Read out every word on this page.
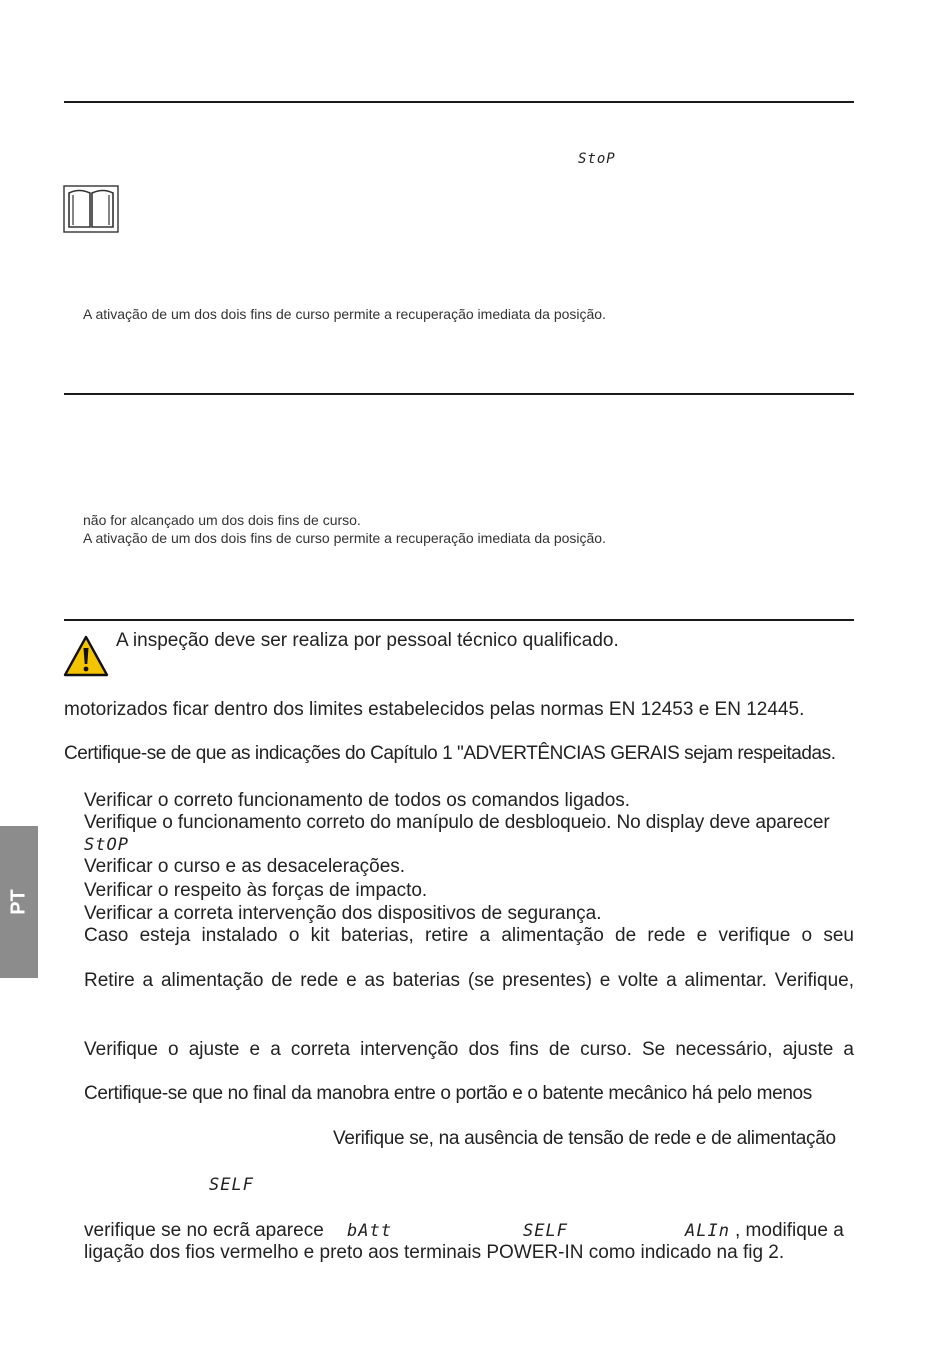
StoP
A ativação de um dos dois fins de curso permite a recuperação imediata da posição.
não for alcançado um dos dois fins de curso.
A ativação de um dos dois fins de curso permite a recuperação imediata da posição.
A inspeção deve ser realiza por pessoal técnico qualificado.
motorizados ficar dentro dos limites estabelecidos pelas normas EN 12453 e EN 12445.
Certifique-se de que as indicações do Capítulo 1 "ADVERTÊNCIAS GERAIS sejam respeitadas.
Verificar o correto funcionamento de todos os comandos ligados.
Verifique o funcionamento correto do manípulo de desbloqueio. No display deve aparecer
StOP
Verificar o curso e as desacelerações.
Verificar o respeito às forças de impacto.
Verificar a correta intervenção dos dispositivos de segurança.
Caso esteja instalado o kit baterias, retire a alimentação de rede e verifique o seu
Retire a alimentação de rede e as baterias (se presentes) e volte a alimentar. Verifique,
Verifique o ajuste e a correta intervenção dos fins de curso. Se necessário, ajuste a
Certifique-se que no final da manobra entre o portão e o batente mecânico há pelo menos
Verifique se, na ausência de tensão de rede e de alimentação
SELF
verifique se no ecrã aparece bAtt	SELF	ALIn , modifique a
ligação dos fios vermelho e preto aos terminais POWER-IN como indicado na fig 2.
PT
